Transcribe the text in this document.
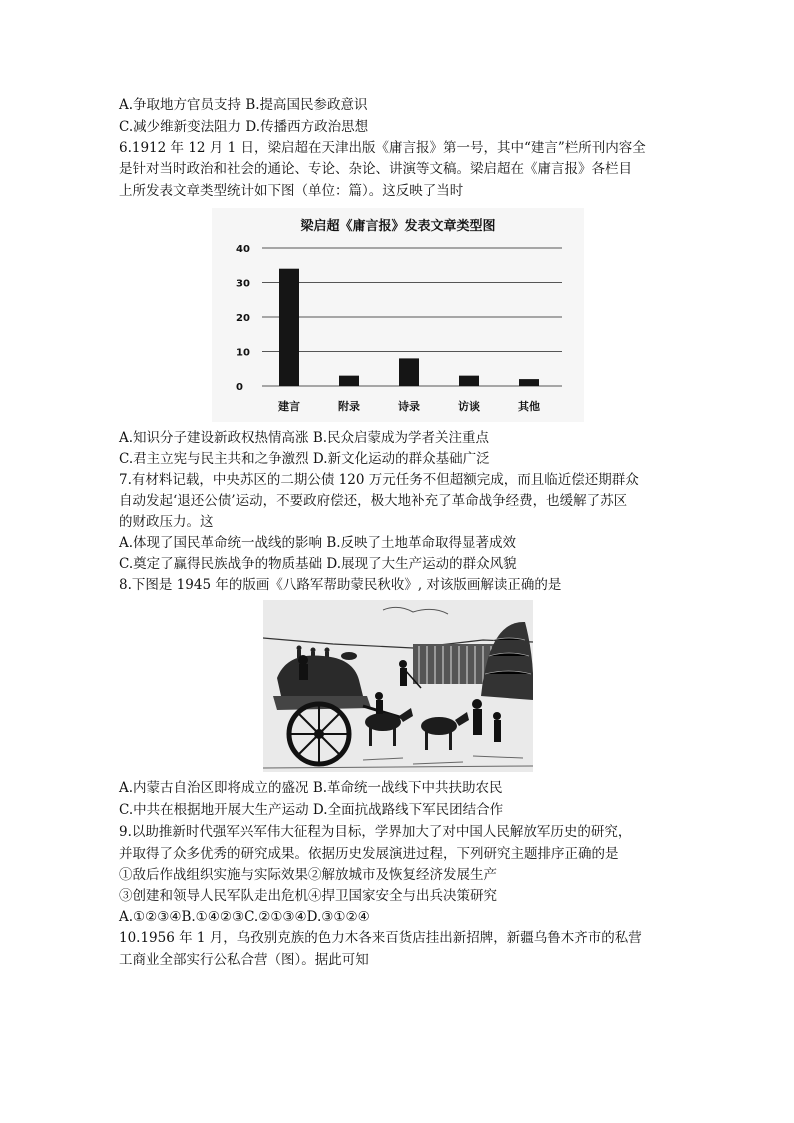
A.争取地方官员支持 B.提高国民参政意识
C.减少维新变法阻力 D.传播西方政治思想
6.1912 年 12 月 1 日，梁启超在天津出版《庸言报》第一号，其中“建言”栏所刊内容全
是针对当时政治和社会的通论、专论、杂论、讲演等文稿。梁启超在《庸言报》各栏目
上所发表文章类型统计如下图（单位：篇）。这反映了当时
梁启超《庸言报》发表文章类型图
0
10
20
30
40
建言	附录	诗录	访谈	其他
A.知识分子建设新政权热情高涨 B.民众启蒙成为学者关注重点
C.君主立宪与民主共和之争激烈 D.新文化运动的群众基础广泛
7.有材料记载，中央苏区的二期公债 120 万元任务不但超额完成，而且临近偿还期群众
自动发起‘退还公债’运动，不要政府偿还，极大地补充了革命战争经费，也缓解了苏区
的财政压力。这
A.体现了国民革命统一战线的影响 B.反映了土地革命取得显著成效
C.奠定了赢得民族战争的物质基础 D.展现了大生产运动的群众风貌
8.下图是 1945 年的版画《八路军帮助蒙民秋收》, 对该版画解读正确的是
A.内蒙古自治区即将成立的盛况 B.革命统一战线下中共扶助农民
C.中共在根据地开展大生产运动 D.全面抗战路线下军民团结合作
9.以助推新时代强军兴军伟大征程为目标，学界加大了对中国人民解放军历史的研究，
并取得了众多优秀的研究成果。依据历史发展演进过程，下列研究主题排序正确的是
①敌后作战组织实施与实际效果②解放城市及恢复经济发展生产
③创建和领导人民军队走出危机④捍卫国家安全与出兵决策研究
A.①②③④B.①④②③C.②①③④D.③①②④
10.1956 年 1 月，乌孜别克族的色力木各来百货店挂出新招牌，新疆乌鲁木齐市的私营
工商业全部实行公私合营（图）。据此可知
